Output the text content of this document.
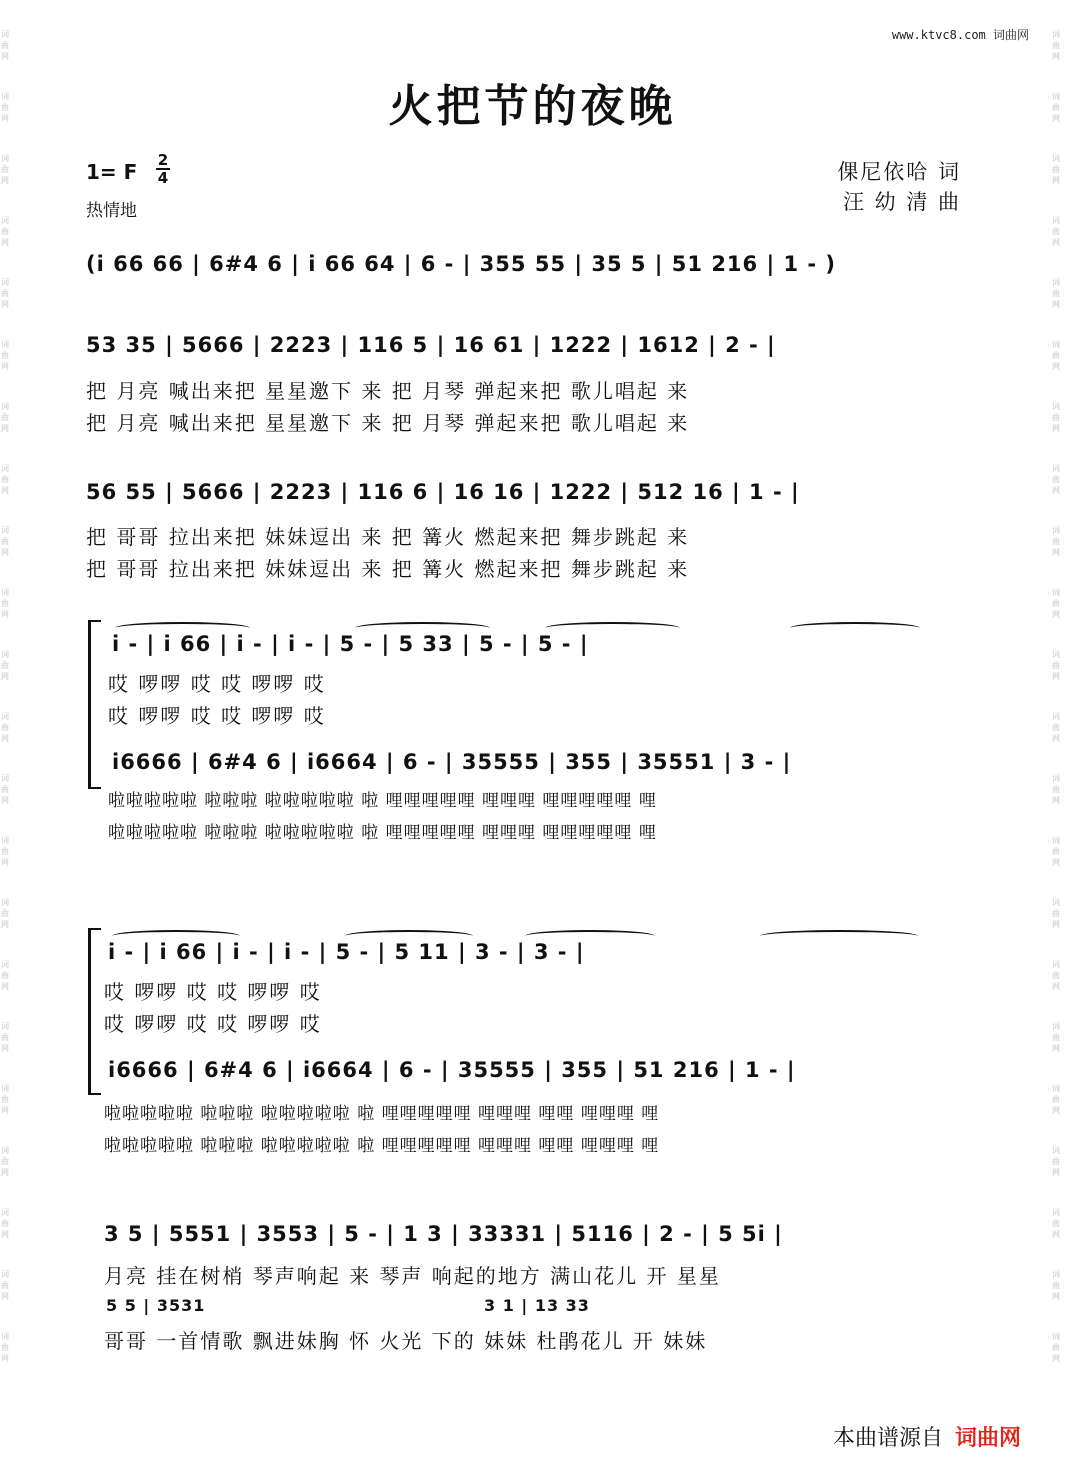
词曲网
词曲网
词曲网
词曲网
词曲网
词曲网
词曲网
词曲网
词曲网
词曲网
词曲网
词曲网
词曲网
词曲网
词曲网
词曲网
词曲网
词曲网
词曲网
词曲网
词曲网
词曲网
词曲网
词曲网
词曲网
词曲网
词曲网
词曲网
词曲网
词曲网
词曲网
词曲网
词曲网
词曲网
词曲网
词曲网
词曲网
词曲网
词曲网
词曲网
词曲网
词曲网
词曲网
词曲网
www.ktvc8.com 词曲网
火把节的夜晚
1= F 2
4
热情地
倮尼依哈 词
汪 幼 清 曲
(i 66 66 | 6#4 6 | i 66 64 | 6 - | 355 55 | 35 5 | 51 216 | 1 - )
53 35 | 5666 | 2223 | 116 5 | 16 61 | 1222 | 1612 | 2 - |
把 月亮 喊出来把 星星邀下 来 把 月琴 弹起来把 歌儿唱起 来
把 月亮 喊出来把 星星邀下 来 把 月琴 弹起来把 歌儿唱起 来
56 55 | 5666 | 2223 | 116 6 | 16 16 | 1222 | 512 16 | 1 - |
把 哥哥 拉出来把 妹妹逗出 来 把 篝火 燃起来把 舞步跳起 来
把 哥哥 拉出来把 妹妹逗出 来 把 篝火 燃起来把 舞步跳起 来
i - | i 66 | i - | i - | 5 - | 5 33 | 5 - | 5 - |
哎 啰啰 哎 哎 啰啰 哎
哎 啰啰 哎 哎 啰啰 哎
i6666 | 6#4 6 | i6664 | 6 - | 35555 | 355 | 35551 | 3 - |
啦啦啦啦啦 啦啦啦 啦啦啦啦啦 啦 哩哩哩哩哩 哩哩哩 哩哩哩哩哩 哩
啦啦啦啦啦 啦啦啦 啦啦啦啦啦 啦 哩哩哩哩哩 哩哩哩 哩哩哩哩哩 哩
i - | i 66 | i - | i - | 5 - | 5 11 | 3 - | 3 - |
哎 啰啰 哎 哎 啰啰 哎
哎 啰啰 哎 哎 啰啰 哎
i6666 | 6#4 6 | i6664 | 6 - | 35555 | 355 | 51 216 | 1 - |
啦啦啦啦啦 啦啦啦 啦啦啦啦啦 啦 哩哩哩哩哩 哩哩哩 哩哩 哩哩哩 哩
啦啦啦啦啦 啦啦啦 啦啦啦啦啦 啦 哩哩哩哩哩 哩哩哩 哩哩 哩哩哩 哩
3 5 | 5551 | 3553 | 5 - | 1 3 | 33331 | 5116 | 2 - | 5 5i |
月亮 挂在树梢 琴声响起 来 琴声 响起的地方 满山花儿 开 星星
5 5 | 3531	3 1 | 13 33
哥哥 一首情歌 飘进妹胸 怀 火光 下的 妹妹 杜鹃花儿 开 妹妹
本曲谱源自 词曲网
